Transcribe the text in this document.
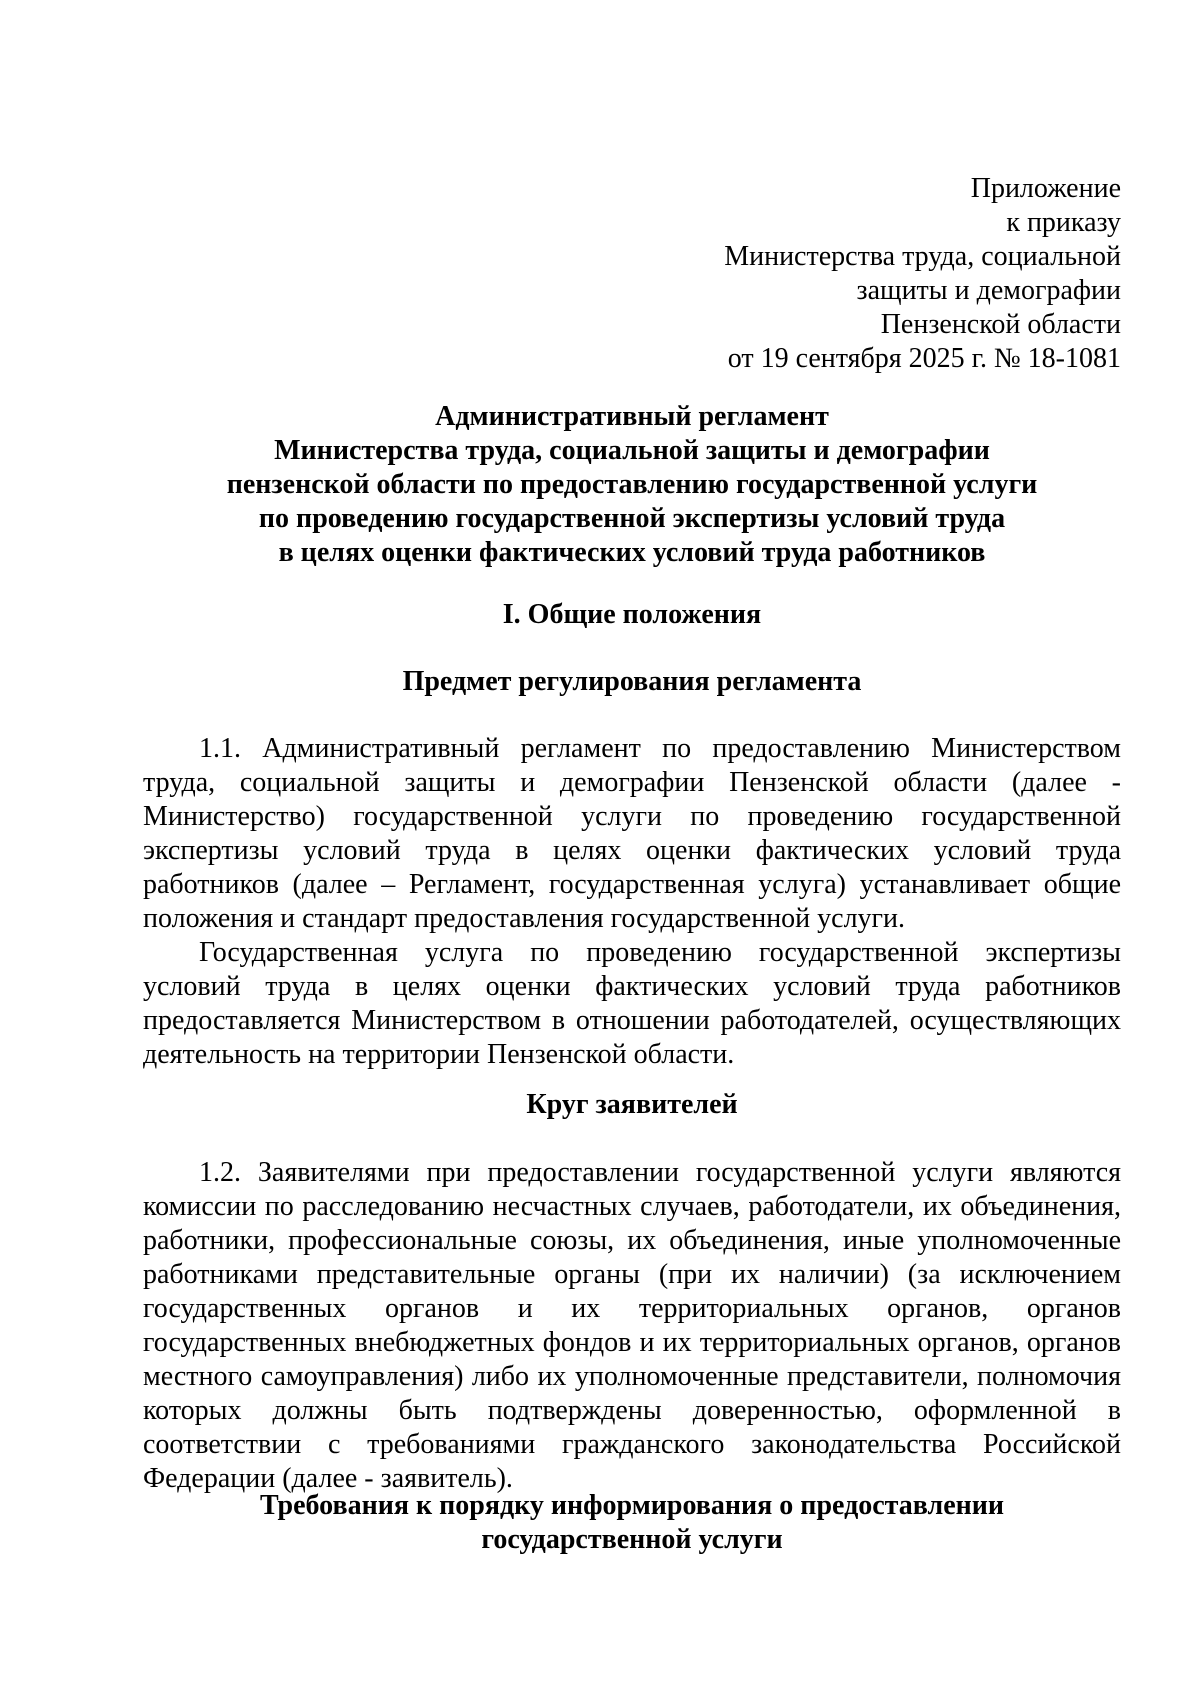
Приложение
к приказу
Министерства труда, социальной
защиты и демографии
Пензенской области
от 19 сентября 2025 г. № 18-1081
Административный регламент
Министерства труда, социальной защиты и демографии
пензенской области по предоставлению государственной услуги
по проведению государственной экспертизы условий труда
в целях оценки фактических условий труда работников
I. Общие положения
Предмет регулирования регламента

1.1. Административный регламент по предоставлению Министерством труда, социальной защиты и демографии Пензенской области (далее - Министерство) государственной услуги по проведению государственной экспертизы условий труда в целях оценки фактических условий труда работников (далее – Регламент, государственная услуга) устанавливает общие положения и стандарт предоставления государственной услуги.

Государственная услуга по проведению государственной экспертизы условий труда в целях оценки фактических условий труда работников предоставляется Министерством в отношении работодателей, осуществляющих деятельность на территории Пензенской области.

Круг заявителей

1.2. Заявителями при предоставлении государственной услуги являются комиссии по расследованию несчастных случаев, работодатели, их объединения, работники, профессиональные союзы, их объединения, иные уполномоченные работниками представительные органы (при их наличии) (за исключением государственных органов и их территориальных органов, органов государственных внебюджетных фондов и их территориальных органов, органов местного самоуправления) либо их уполномоченные представители, полномочия которых должны быть подтверждены доверенностью, оформленной в соответствии с требованиями гражданского законодательства Российской Федерации (далее - заявитель).

Требования к порядку информирования о предоставлении
государственной услуги
